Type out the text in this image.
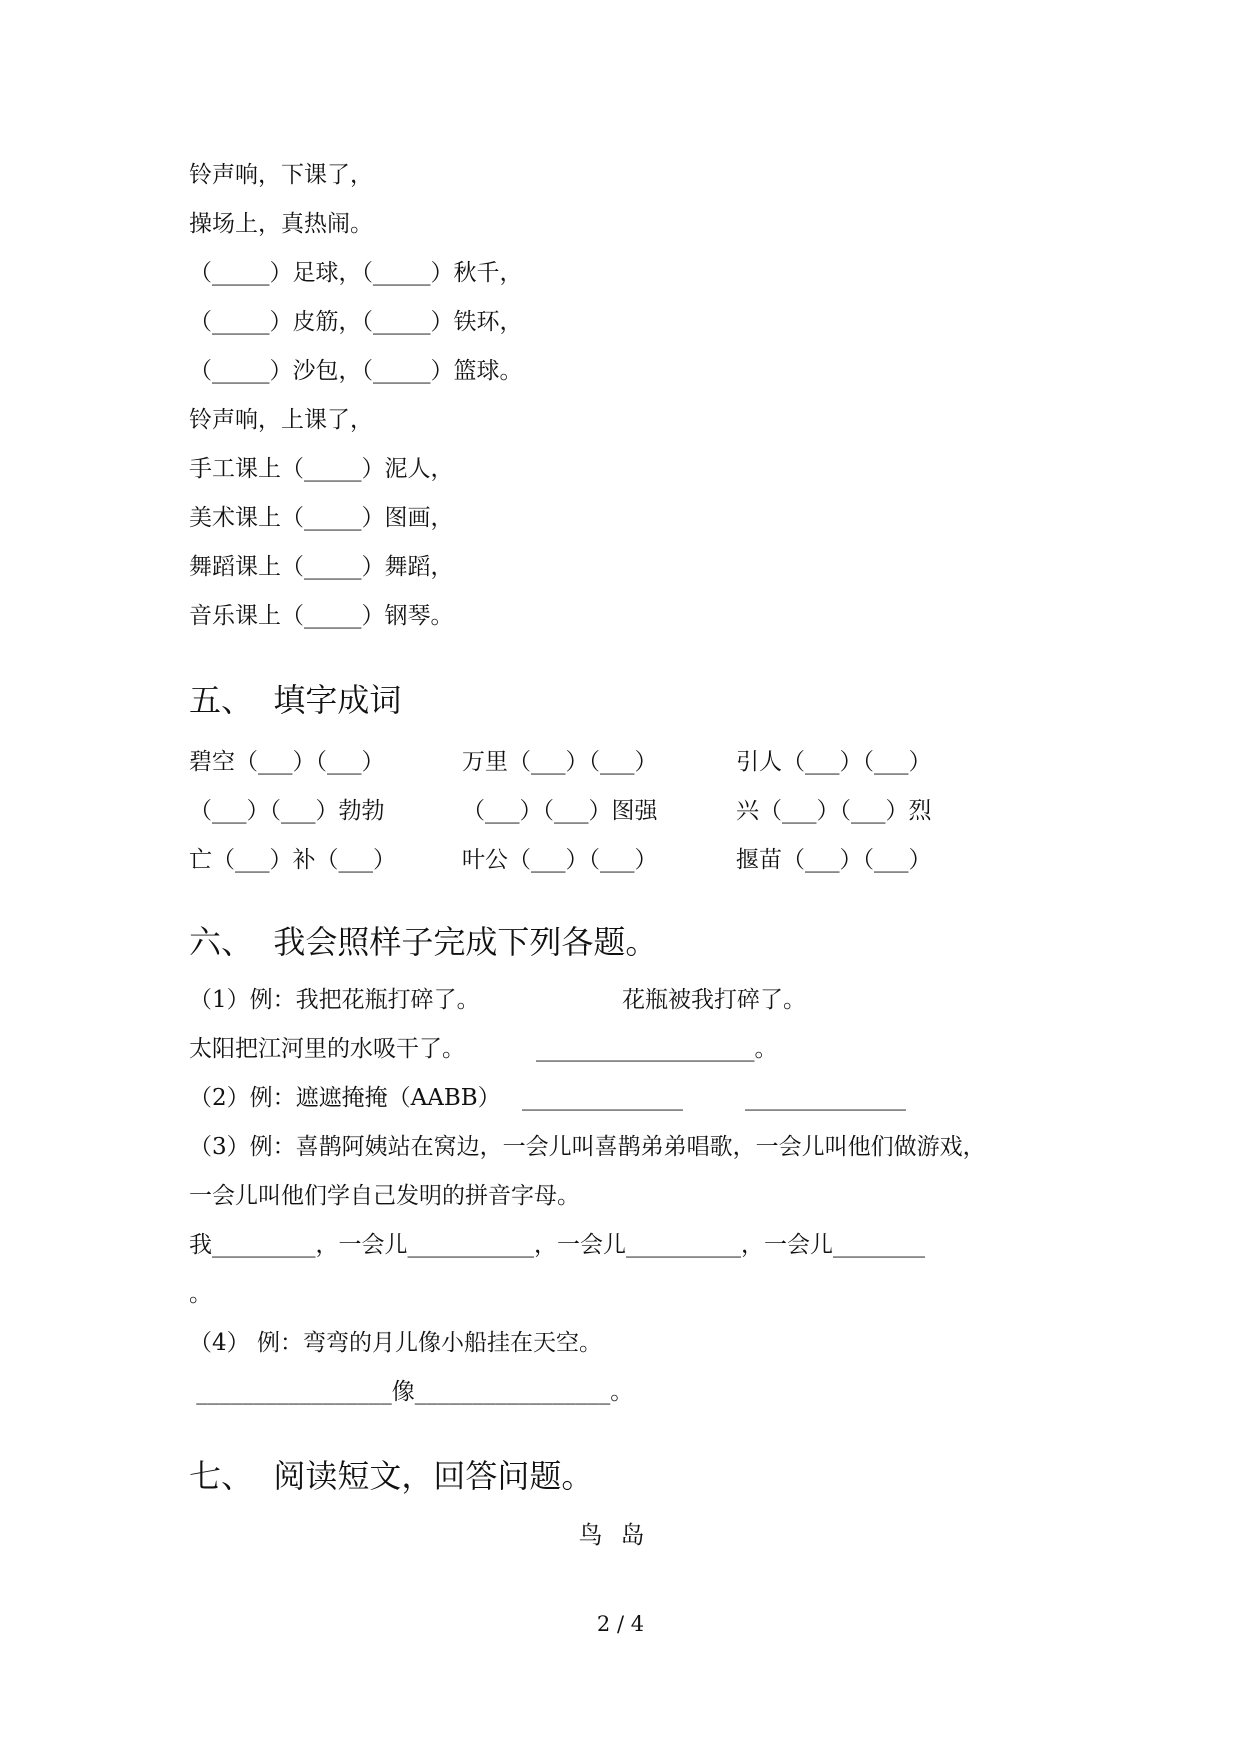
铃声响，下课了，
操场上，真热闹。
（_____）足球，（_____）秋千，
（_____）皮筋，（_____）铁环，
（_____）沙包，（_____）篮球。
铃声响，上课了，
手工课上（_____）泥人，
美术课上（_____）图画，
舞蹈课上（_____）舞蹈，
音乐课上（_____）钢琴。
五、  填字成词
碧空（___）（___）	万里（___）（___）	引人（___）（___）
（___）（___）勃勃	（___）（___）图强	兴（___）（___）烈
亡（___）补（___）	叶公（___）（___）	揠苗（___）（___）
六、  我会照样子完成下列各题。
（1）例：我把花瓶打碎了。	花瓶被我打碎了。
太阳把江河里的水吸干了。	___________________。
（2）例：遮遮掩掩（AABB） ______________	______________
（3）例：喜鹊阿姨站在窝边，一会儿叫喜鹊弟弟唱歌，一会儿叫他们做游戏，
一会儿叫他们学自己发明的拼音字母。
我_________，一会儿___________，一会儿__________，一会儿________
。
（4） 例：弯弯的月儿像小船挂在天空。
_________________像_________________。
七、  阅读短文，回答问题。
鸟岛
2 / 4
